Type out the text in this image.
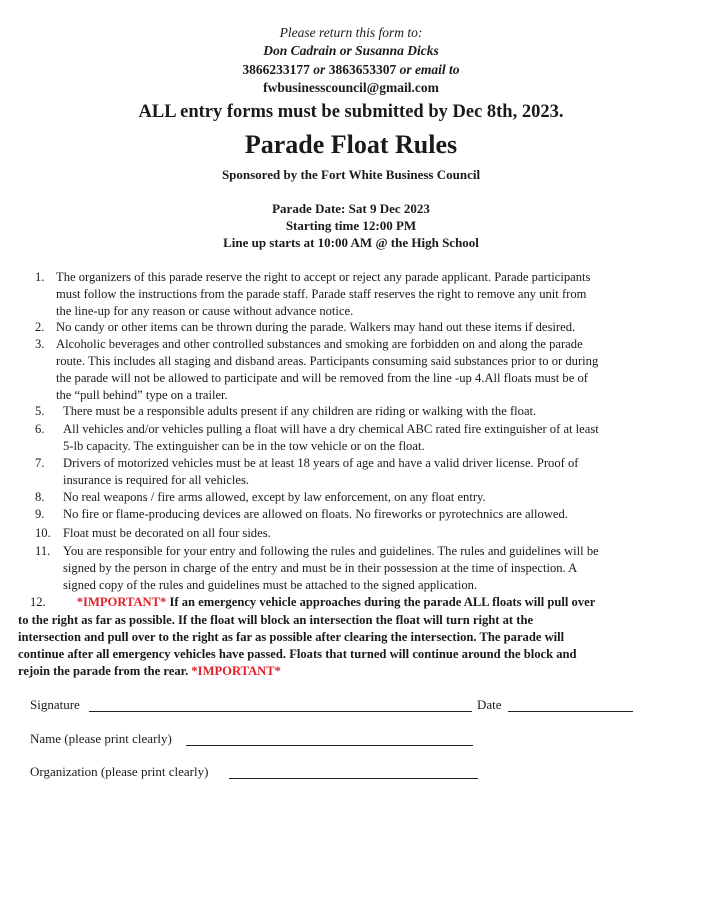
Please return this form to:
Don Cadrain or Susanna Dicks
3866233177 or 3863653307 or email to
fwbusinesscouncil@gmail.com
ALL entry forms must be submitted by Dec 8th, 2023.
Parade Float Rules
Sponsored by the Fort White Business Council
Parade Date: Sat 9 Dec 2023
Starting time 12:00 PM
Line up starts at 10:00 AM @ the High School
1. The organizers of this parade reserve the right to accept or reject any parade applicant. Parade participants
must follow the instructions from the parade staff. Parade staff reserves the right to remove any unit from
the line-up for any reason or cause without advance notice.
2. No candy or other items can be thrown during the parade. Walkers may hand out these items if desired.
3. Alcoholic beverages and other controlled substances and smoking are forbidden on and along the parade
route. This includes all staging and disband areas. Participants consuming said substances prior to or during
the parade will not be allowed to participate and will be removed from the line -up 4.All floats must be of
the “pull behind” type on a trailer.
5. There must be a responsible adults present if any children are riding or walking with the float.
6. All vehicles and/or vehicles pulling a float will have a dry chemical ABC rated fire extinguisher of at least
5-lb capacity. The extinguisher can be in the tow vehicle or on the float.
7. Drivers of motorized vehicles must be at least 18 years of age and have a valid driver license. Proof of
insurance is required for all vehicles.
8. No real weapons / fire arms allowed, except by law enforcement, on any float entry.
9. No fire or flame-producing devices are allowed on floats. No fireworks or pyrotechnics are allowed.
10. Float must be decorated on all four sides.
11. You are responsible for your entry and following the rules and guidelines. The rules and guidelines will be
signed by the person in charge of the entry and must be in their possession at the time of inspection. A
signed copy of the rules and guidelines must be attached to the signed application.
12. *IMPORTANT* If an emergency vehicle approaches during the parade ALL floats will pull over
to the right as far as possible. If the float will block an intersection the float will turn right at the
intersection and pull over to the right as far as possible after clearing the intersection. The parade will
continue after all emergency vehicles have passed. Floats that turned will continue around the block and
rejoin the parade from the rear. *IMPORTANT*
Signature	Date
Name (please print clearly)
Organization (please print clearly)
